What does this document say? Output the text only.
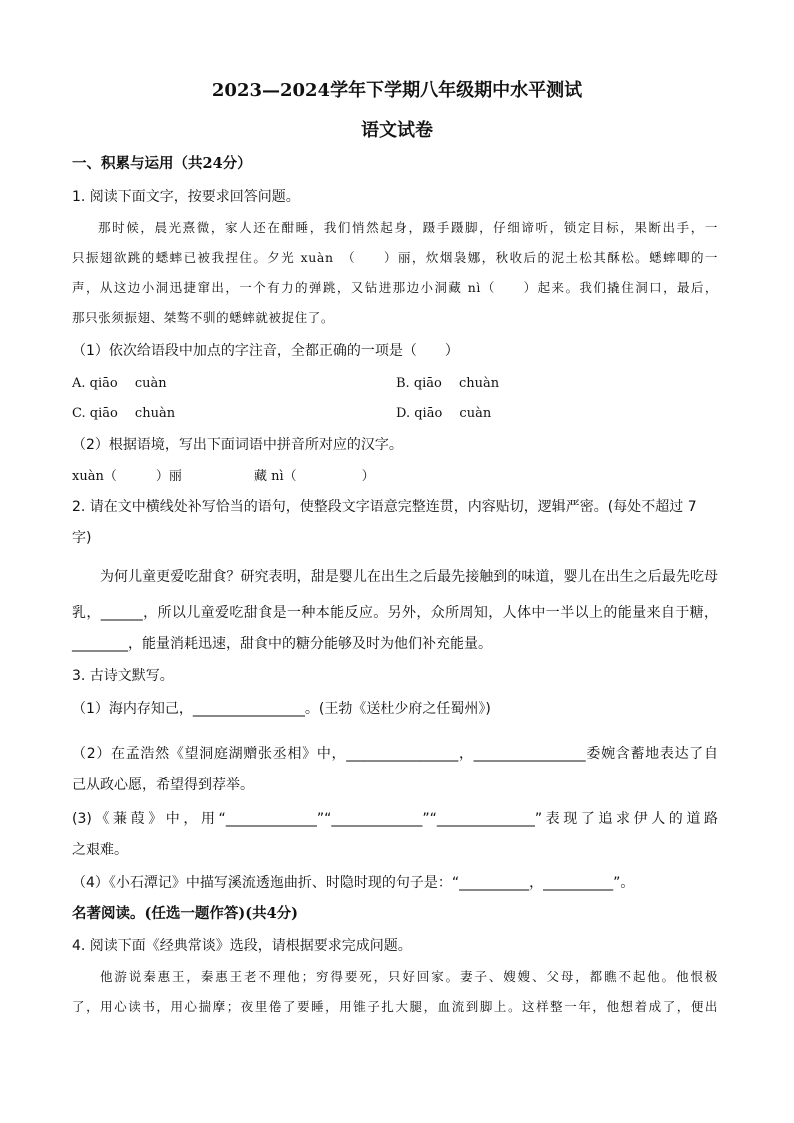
2023—2024学年下学期八年级期中水平测试
语文试卷
一、积累与运用（共24分）
1. 阅读下面文字，按要求回答问题。
那时候，晨光熹微，家人还在酣睡，我们悄然起身，蹑手蹑脚，仔细谛听，锁定目标，果断出手，一
只振翅欲跳的蟋蟀已被我捏住。夕光 xuàn　（　　）丽，炊烟袅娜，秋收后的泥土松其酥松。蟋蟀唧的一
声，从这边小洞迅捷窜出，一个有力的弹跳，又钻进那边小洞藏 nì（　　）起来。我们撬住洞口，最后，
那只张须振翅、桀骜不驯的蟋蟀就被捉住了。
（1）依次给语段中加点的字注音，全都正确的一项是（　　）
A. qiāo　 cuàn	B. qiāo　 chuàn
C. qiāo　 chuàn	D. qiāo　 cuàn
（2）根据语境，写出下面词语中拼音所对应的汉字。
xuàn（　　　）丽	藏 nì（　　　　　）
2. 请在文中横线处补写恰当的语句，使整段文字语意完整连贯，内容贴切，逻辑严密。(每处不超过 7
字)
为何儿童更爱吃甜食？研究表明，甜是婴儿在出生之后最先接触到的味道，婴儿在出生之后最先吃母
乳，______，所以儿童爱吃甜食是一种本能反应。另外，众所周知，人体中一半以上的能量来自于糖，
________，能量消耗迅速，甜食中的糖分能够及时为他们补充能量。
3. 古诗文默写。
（1）海内存知己，________________。(王勃《送杜少府之任蜀州》)
（2）在孟浩然《望洞庭湖赠张丞相》中，________________，________________委婉含蓄地表达了自
己从政心愿，希望得到荐举。
(3)《蒹葭》中，用“_____________”“_____________”“______________”表现了追求伊人的道路
之艰难。
（4）《小石潭记》中描写溪流透迤曲折、时隐时现的句子是：“__________，__________”。
名著阅读。(任选一题作答)(共4分)
4. 阅读下面《经典常谈》选段，请根据要求完成问题。
他游说秦惠王，秦惠王老不理他；穷得要死，只好回家。妻子、嫂嫂、父母，都瞧不起他。他恨极
了，用心读书，用心揣摩；夜里倦了要睡，用锥子扎大腿，血流到脚上。这样整一年，他想着成了，便出
